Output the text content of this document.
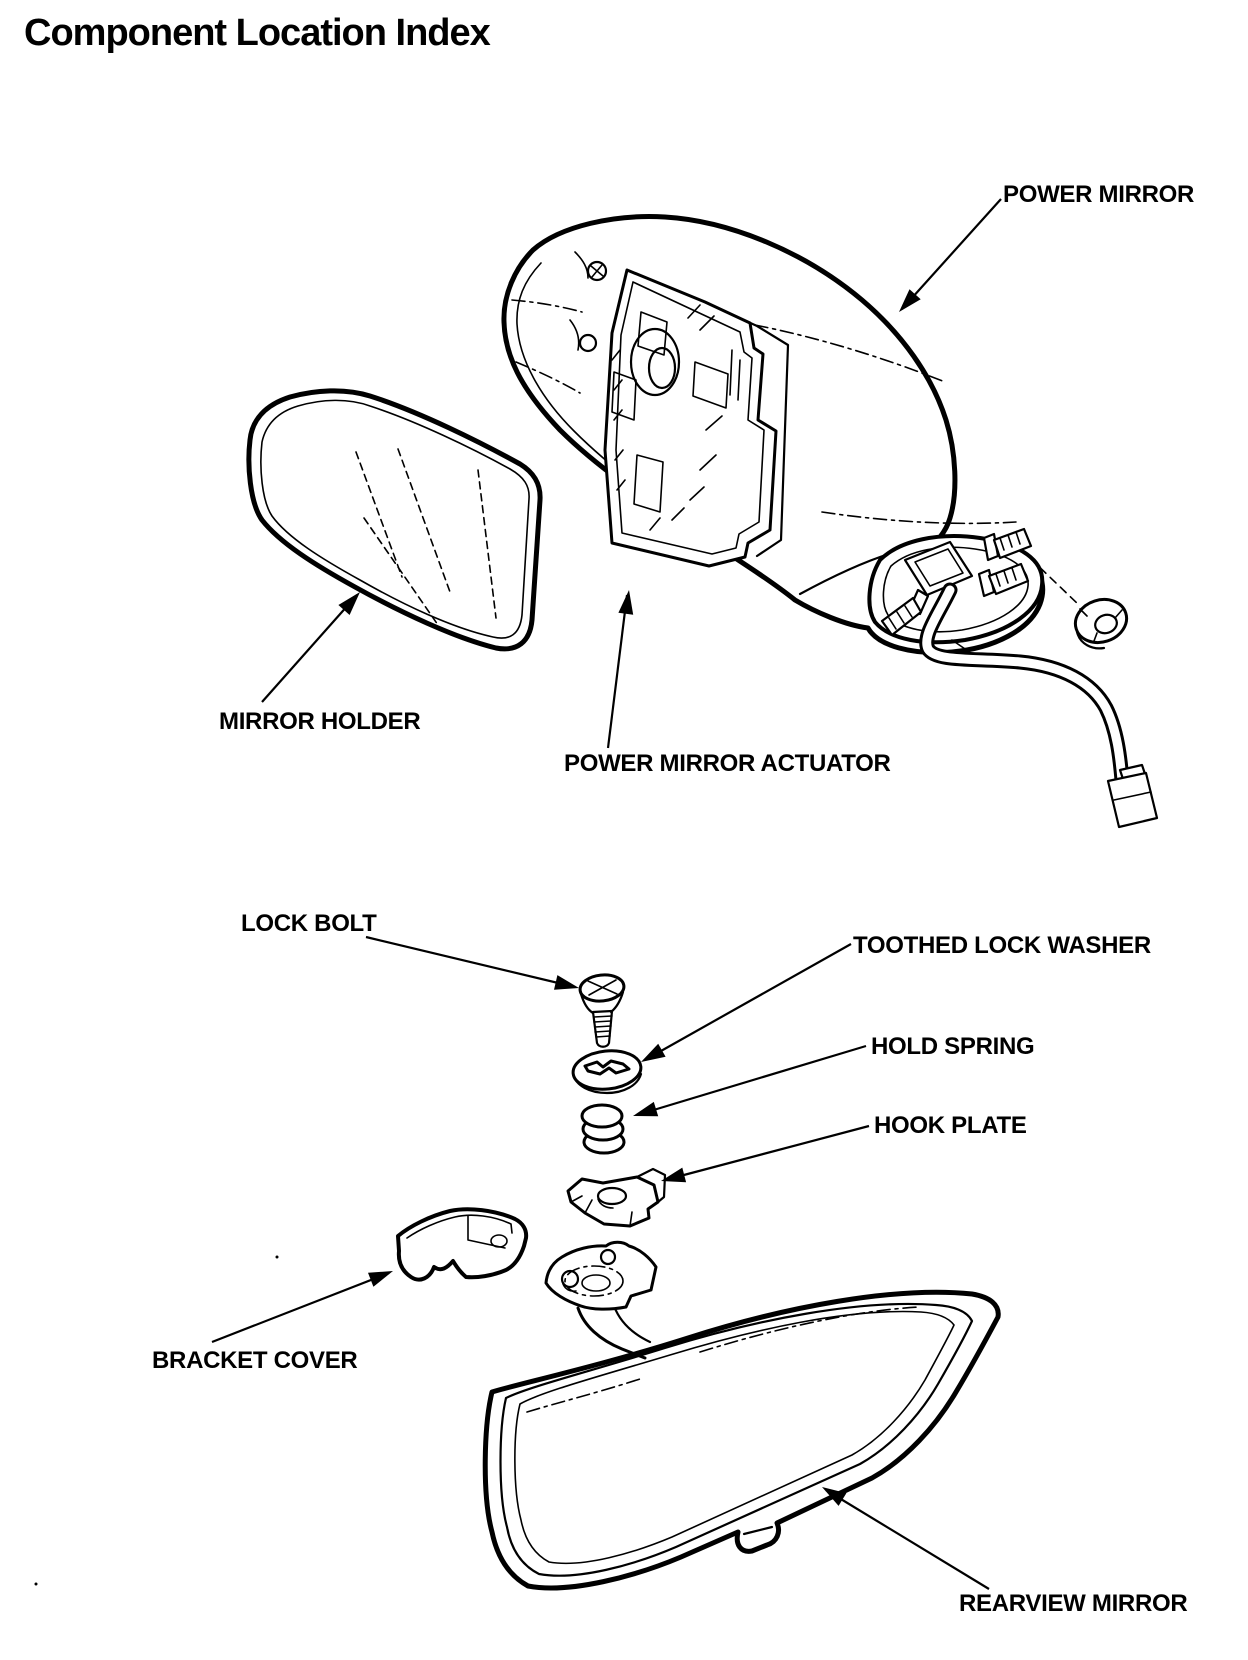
Component Location Index
POWER MIRROR
MIRROR HOLDER
POWER MIRROR ACTUATOR
LOCK BOLT
TOOTHED LOCK WASHER
HOLD SPRING
HOOK PLATE
BRACKET COVER
REARVIEW MIRROR
